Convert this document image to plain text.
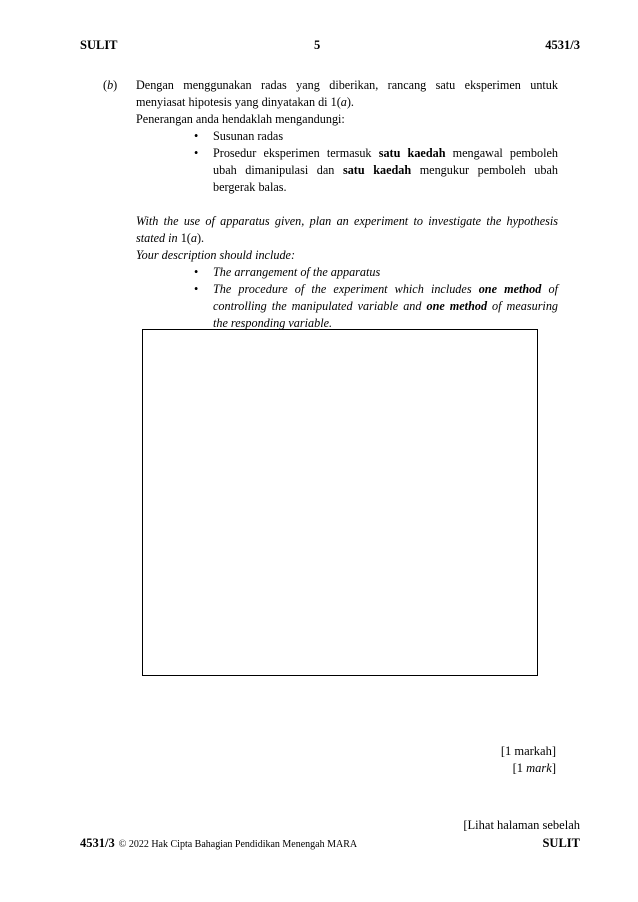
SULIT	5	4531/3
(b) Dengan menggunakan radas yang diberikan, rancang satu eksperimen untuk menyiasat hipotesis yang dinyatakan di 1(a).
Penerangan anda hendaklah mengandungi:
• Susunan radas
• Prosedur eksperimen termasuk satu kaedah mengawal pemboleh ubah dimanipulasi dan satu kaedah mengukur pemboleh ubah bergerak balas.
With the use of apparatus given, plan an experiment to investigate the hypothesis stated in 1(a).
Your description should include:
• The arrangement of the apparatus
• The procedure of the experiment which includes one method of controlling the manipulated variable and one method of measuring the responding variable.
[1 markah]
[1 mark]
[Lihat halaman sebelah
4531/3 © 2022 Hak Cipta Bahagian Pendidikan Menengah MARA	SULIT
